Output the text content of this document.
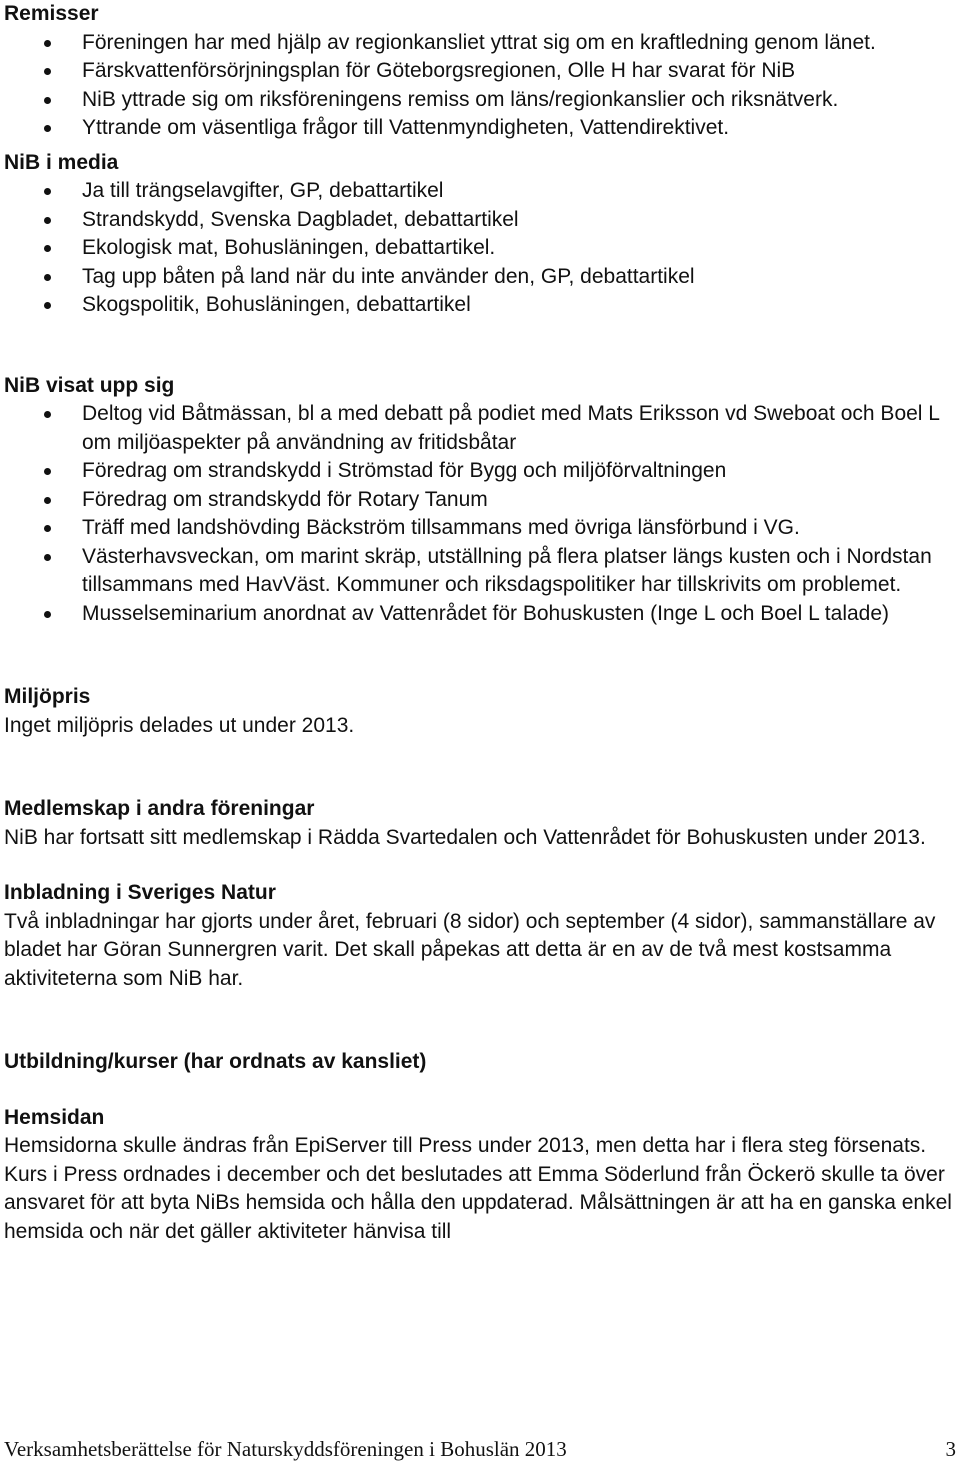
Remisser
Föreningen har med hjälp av regionkansliet yttrat sig om en kraftledning genom länet.
Färskvattenförsörjningsplan för Göteborgsregionen, Olle H har svarat för NiB
NiB yttrade sig om riksföreningens remiss om läns/regionkanslier och riksnätverk.
Yttrande om väsentliga frågor till Vattenmyndigheten, Vattendirektivet.
NiB i media
Ja till trängselavgifter, GP, debattartikel
Strandskydd, Svenska Dagbladet, debattartikel
Ekologisk mat, Bohusläningen, debattartikel.
Tag upp båten på land när du inte använder den, GP, debattartikel
Skogspolitik, Bohusläningen, debattartikel
NiB visat upp sig
Deltog vid Båtmässan, bl a med debatt på podiet med Mats Eriksson vd Sweboat och Boel L om miljöaspekter på användning av fritidsbåtar
Föredrag om strandskydd i Strömstad för Bygg och miljöförvaltningen
Föredrag om strandskydd för Rotary Tanum
Träff med landshövding Bäckström tillsammans med övriga länsförbund i VG.
Västerhavsveckan, om marint skräp, utställning på flera platser längs kusten och i Nordstan tillsammans med HavVäst. Kommuner och riksdagspolitiker har tillskrivits om problemet.
Musselseminarium anordnat av Vattenrådet för Bohuskusten (Inge L och Boel L talade)
Miljöpris

Inget miljöpris delades ut under 2013.

Medlemskap i andra föreningar

NiB har fortsatt sitt medlemskap i Rädda Svartedalen och Vattenrådet för Bohuskusten under 2013.

Inbladning i Sveriges Natur

Två inbladningar har gjorts under året, februari (8 sidor) och september (4 sidor), sammanställare av bladet har Göran Sunnergren varit. Det skall påpekas att detta är en av de två mest kostsamma aktiviteterna som NiB har.

Utbildning/kurser (har ordnats av kansliet)
Hemsidan

Hemsidorna skulle ändras från EpiServer till Press under 2013, men detta har i flera steg försenats. Kurs i Press ordnades i december och det beslutades att Emma Söderlund från Öckerö skulle ta över ansvaret för att byta NiBs hemsida och hålla den uppdaterad. Målsättningen är att ha en ganska enkel hemsida och när det gäller aktiviteter hänvisa till

Verksamhetsberättelse för Naturskyddsföreningen i Bohuslän 2013	3
